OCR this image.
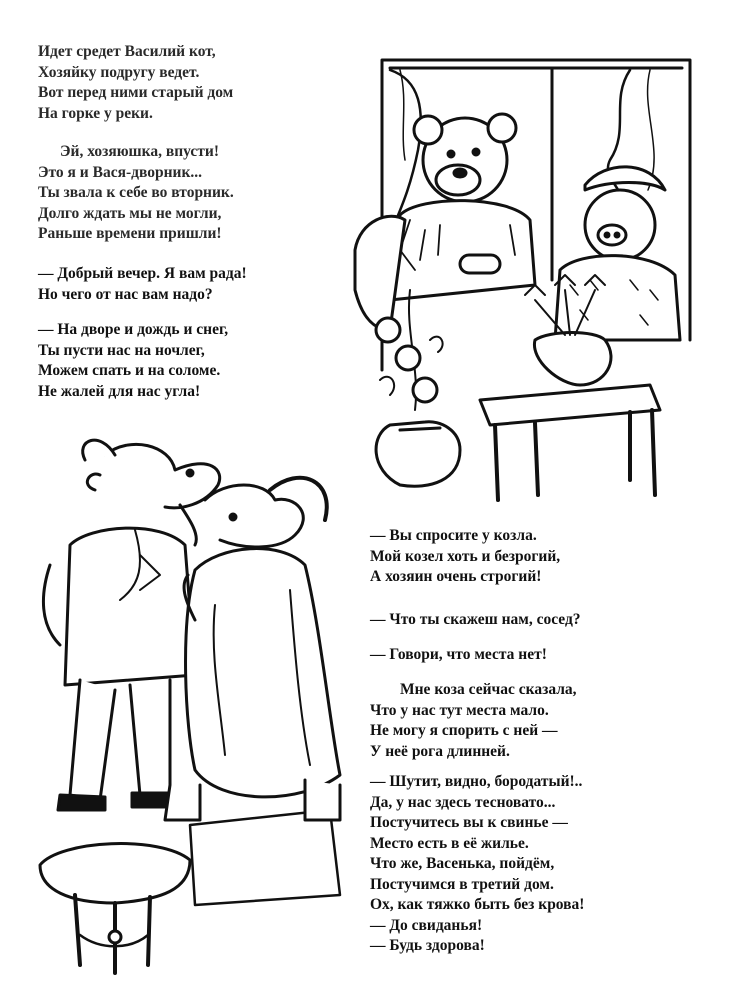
Идет средет Василий кот,
Хозяйку подругу ведет.
Вот перед ними старый дом
На горке у реки.
Эй, хозяюшка, впусти!
Это я и Вася-дворник...
Ты звала к себе во вторник.
Долго ждать мы не могли,
Раньше времени пришли!
— Добрый вечер. Я вам рада!
Но чего от нас вам надо?
— На дворе и дождь и снег,
Ты пусти нас на ночлег,
Можем спать и на соломе.
Не жалей для нас угла!
— Вы спросите у козла.
Мой козел хоть и безрогий,
А хозяин очень строгий!
— Что ты скажеш нам, сосед?
— Говори, что места нет!
Мне коза сейчас сказала,
Что у нас тут места мало.
Не могу я спорить с ней —
У неё рога длинней.
— Шутит, видно, бородатый!..
Да, у нас здесь тесновато...
Постучитесь вы к свинье —
Место есть в её жилье.
Что же, Васенька, пойдём,
Постучимся в третий дом.
Ох, как тяжко быть без крова!
— До свиданья!
— Будь здорова!
